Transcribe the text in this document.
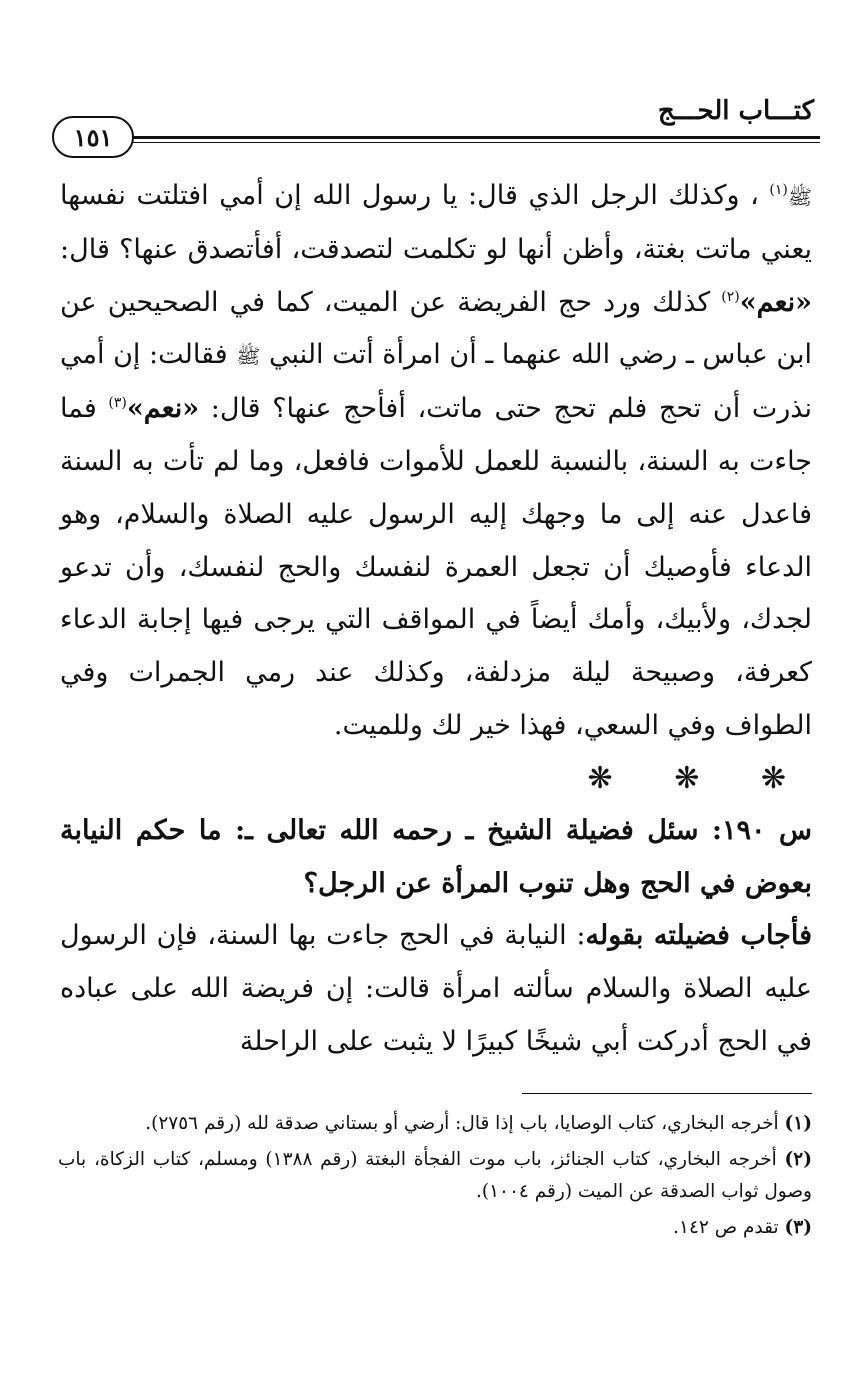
كتـــاب الحـــج
١٥١

ﷺ$^{(١)}$ ، وكذلك الرجل الذي قال: يا رسول الله إن أمي افتلتت نفسها يعني ماتت بغتة، وأظن أنها لو تكلمت لتصدقت، أفأتصدق عنها؟ قال: «نعم»$^{(٢)}$ كذلك ورد حج الفريضة عن الميت، كما في الصحيحين عن ابن عباس ـ رضي الله عنهما ـ أن امرأة أتت النبي ﷺ فقالت: إن أمي نذرت أن تحج فلم تحج حتى ماتت، أفأحج عنها؟ قال: «نعم»$^{(٣)}$ فما جاءت به السنة، بالنسبة للعمل للأموات فافعل، وما لم تأت به السنة فاعدل عنه إلى ما وجهك إليه الرسول عليه الصلاة والسلام، وهو الدعاء فأوصيك أن تجعل العمرة لنفسك والحج لنفسك، وأن تدعو لجدك، ولأبيك، وأمك أيضاً في المواقف التي يرجى فيها إجابة الدعاء كعرفة، وصبيحة ليلة مزدلفة، وكذلك عند رمي الجمرات وفي الطواف وفي السعي، فهذا خير لك وللميت.

❋ ❋ ❋

س ١٩٠: سئل فضيلة الشيخ ـ رحمه الله تعالى ـ: ما حكم النيابة بعوض في الحج وهل تنوب المرأة عن الرجل؟

فأجاب فضيلته بقوله: النيابة في الحج جاءت بها السنة، فإن الرسول عليه الصلاة والسلام سألته امرأة قالت: إن فريضة الله على عباده في الحج أدركت أبي شيخًا كبيرًا لا يثبت على الراحلة

(١) أخرجه البخاري، كتاب الوصايا، باب إذا قال: أرضي أو بستاني صدقة لله (رقم ٢٧٥٦).

(٢) أخرجه البخاري، كتاب الجنائز، باب موت الفجأة البغتة (رقم ١٣٨٨) ومسلم، كتاب الزكاة، باب وصول ثواب الصدقة عن الميت (رقم ١٠٠٤).

(٣) تقدم ص ١٤٢.
